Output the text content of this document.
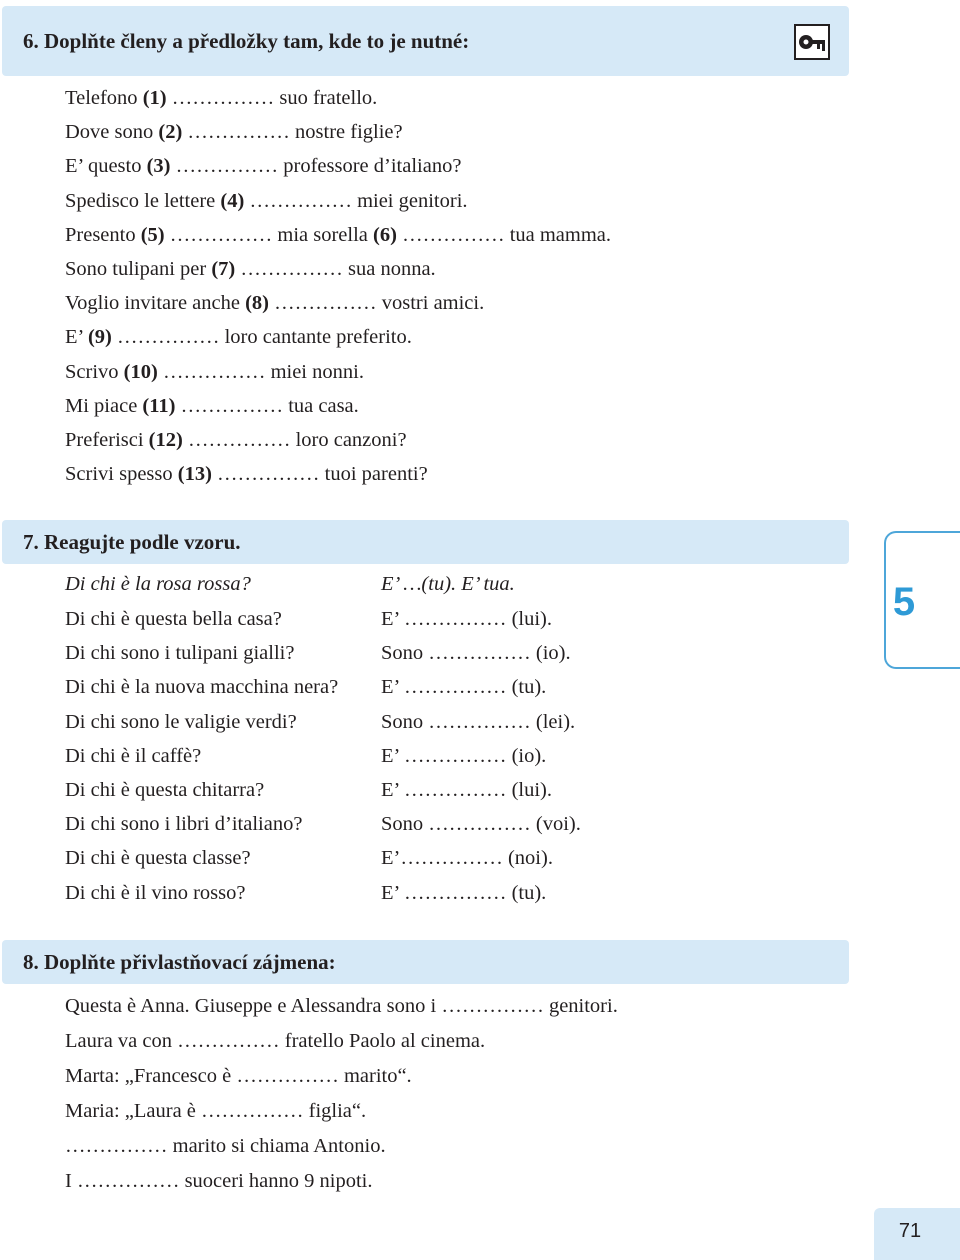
6. Doplňte členy a předložky tam, kde to je nutné:
Telefono (1) …………… suo fratello.
Dove sono (2) …………… nostre figlie?
E’ questo (3) …………… professore d’italiano?
Spedisco le lettere (4) …………… miei genitori.
Presento (5) …………… mia sorella (6) …………… tua mamma.
Sono tulipani per (7) …………… sua nonna.
Voglio invitare anche (8) …………… vostri amici.
E’ (9) …………… loro cantante preferito.
Scrivo (10) …………… miei nonni.
Mi piace (11) …………… tua casa.
Preferisci (12) …………… loro canzoni?
Scrivi spesso (13) …………… tuoi parenti?
7. Reagujte podle vzoru.
Di chi è la rosa rossa?	E’ …(tu). E’ tua.
Di chi è questa bella casa?	E’ …………… (lui).
Di chi sono i tulipani gialli?	Sono …………… (io).
Di chi è la nuova macchina nera? E’ …………… (tu).
Di chi sono le valigie verdi?	Sono …………… (lei).
Di chi è il caffè?	E’ …………… (io).
Di chi è questa chitarra?	E’ …………… (lui).
Di chi sono i libri d’italiano?	Sono …………… (voi).
Di chi è questa classe?	E’…………… (noi).
Di chi è il vino rosso?	E’ …………… (tu).
5
8. Doplňte přivlastňovací zájmena:
Questa è Anna. Giuseppe e Alessandra sono i …………… genitori.
Laura va con …………… fratello Paolo al cinema.
Marta: „Francesco è …………… marito“.
Maria: „Laura è …………… figlia“.
…………… marito si chiama Antonio.
I …………… suoceri hanno 9 nipoti.
71
